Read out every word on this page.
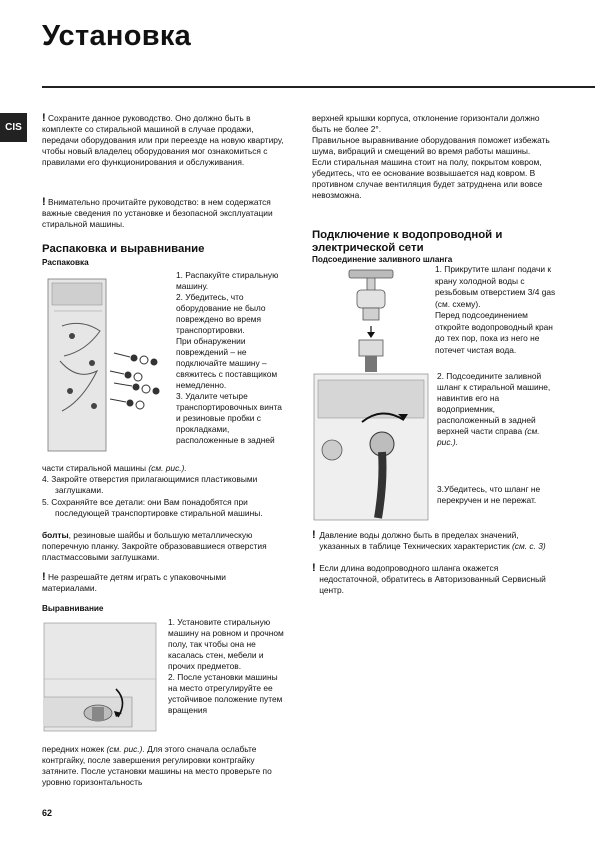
Установка
CIS
! Сохраните данное руководство. Оно должно быть в комплекте со стиральной машиной в случае продажи, передачи оборудования или при переезде на новую квартиру, чтобы новый владелец оборудования мог ознакомиться с правилами его функционирования и обслуживания.
! Внимательно прочитайте руководство: в нем содержатся важные сведения по установке и безопасной эксплуатации стиральной машины.
Распаковка и выравнивание
Распаковка
1. Распакуйте стиральную машину.
2. Убедитесь, что оборудование не было повреждено во время транспортировки.
При обнаружении повреждений – не подключайте машину – свяжитесь с поставщиком немедленно.
3. Удалите четыре транспортировочных винта и резиновые пробки с прокладками, расположенные в задней
части стиральной машины (см. рис.).
4. Закройте отверстия прилагающимися пластиковыми заглушками.
5. Сохраняйте все детали: они Вам понадобятся при последующей транспортировке стиральной машины.
болты, резиновые шайбы и большую металлическую поперечную планку. Закройте образовавшиеся отверстия пластмассовыми заглушками.
! Не разрешайте детям играть с упаковочными материалами.
Выравнивание
1. Установите стиральную машину на ровном и прочном полу, так чтобы она не касалась стен, мебели и прочих предметов.
2. После установки машины на место отрегулируйте ее устойчивое положение путем вращения
передних ножек (см. рис.). Для этого сначала ослабьте контргайку, после завершения регулировки контргайку затяните. После установки машины на место проверьте по уровню горизонтальность
верхней крышки корпуса, отклонение горизонтали должно быть не более 2°.
Правильное выравнивание оборудования поможет избежать шума, вибраций и смещений во время работы машины.
Если стиральная машина стоит на полу, покрытом ковром, убедитесь, что ее основание возвышается над ковром. В противном случае вентиляция будет затруднена или вовсе невозможна.
Подключение к водопроводной и электрической сети
Подсоединение заливного шланга
1. Прикрутите шланг подачи к крану холодной воды с резьбовым отверстием 3/4 gas (см. схему).
Перед подсоединением откройте водопроводный кран до тех пор, пока из него не потечет чистая вода.
2. Подсоедините заливной шланг к стиральной машине, навинтив его на водоприемник, расположенный в задней верхней части справа (см. рис.).
3.Убедитесь, что шланг не перекручен и не пережат.
! Давление воды должно быть в пределах значений, указанных в таблице Технических характеристик (см. с. 3)
! Если длина водопроводного шланга окажется недостаточной, обратитесь в Авторизованный Сервисный центр.
62
